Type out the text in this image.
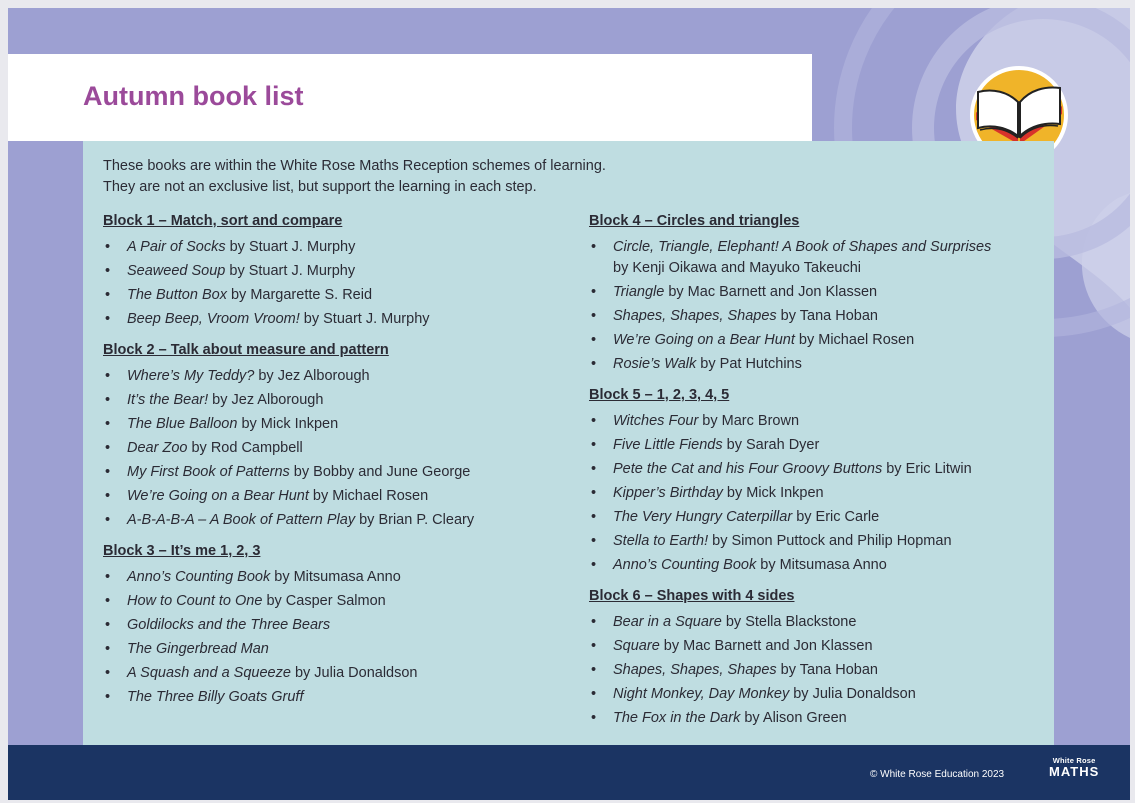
Autumn book list
These books are within the White Rose Maths Reception schemes of learning.
They are not an exclusive list, but support the learning in each step.
Block 1 – Match, sort and compare
•	A Pair of Socks by Stuart J. Murphy
•	Seaweed Soup by Stuart J. Murphy
•	The Button Box by Margarette S. Reid
•	Beep Beep, Vroom Vroom! by Stuart J. Murphy
Block 2 – Talk about measure and pattern
•	Where’s My Teddy? by Jez Alborough
•	It’s the Bear! by Jez Alborough
•	The Blue Balloon by Mick Inkpen
•	Dear Zoo by Rod Campbell
•	My First Book of Patterns by Bobby and June George
•	We’re Going on a Bear Hunt by Michael Rosen
•	A-B-A-B-A – A Book of Pattern Play by Brian P. Cleary
Block 3 – It’s me 1, 2, 3
•	Anno’s Counting Book by Mitsumasa Anno
•	How to Count to One by Casper Salmon
•	Goldilocks and the Three Bears
•	The Gingerbread Man
•	A Squash and a Squeeze by Julia Donaldson
•	The Three Billy Goats Gruff
Block 4 – Circles and triangles
•	Circle, Triangle, Elephant! A Book of Shapes and Surprises
by Kenji Oikawa and Mayuko Takeuchi
•	Triangle by Mac Barnett and Jon Klassen
•	Shapes, Shapes, Shapes by Tana Hoban
•	We’re Going on a Bear Hunt by Michael Rosen
•	Rosie’s Walk by Pat Hutchins
Block 5 – 1, 2, 3, 4, 5
•	Witches Four by Marc Brown
•	Five Little Fiends by Sarah Dyer
•	Pete the Cat and his Four Groovy Buttons by Eric Litwin
•	Kipper’s Birthday by Mick Inkpen
•	The Very Hungry Caterpillar by Eric Carle
•	Stella to Earth! by Simon Puttock and Philip Hopman
•	Anno’s Counting Book by Mitsumasa Anno
Block 6 – Shapes with 4 sides
•	Bear in a Square by Stella Blackstone
•	Square by Mac Barnett and Jon Klassen
•	Shapes, Shapes, Shapes by Tana Hoban
•	Night Monkey, Day Monkey by Julia Donaldson
•	The Fox in the Dark by Alison Green
© White Rose Education 2023
White Rose
MATHS
